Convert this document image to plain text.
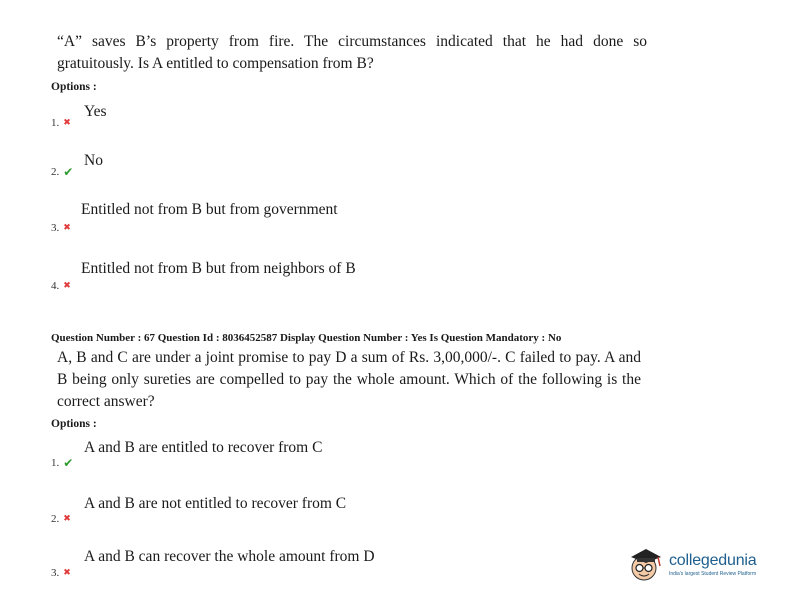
“A” saves B’s property from fire. The circumstances indicated that he had done so gratuitously. Is A entitled to compensation from B?
Options :
Yes
1. ✖
No
2. ✔
Entitled not from B but from government
3. ✖
Entitled not from B but from neighbors of B
4. ✖
Question Number : 67 Question Id : 8036452587 Display Question Number : Yes Is Question Mandatory : No
A, B and C are under a joint promise to pay D a sum of Rs. 3,00,000/-. C failed to pay. A and B being only sureties are compelled to pay the whole amount. Which of the following is the correct answer?
Options :
A and B are entitled to recover from C
1. ✔
A and B are not entitled to recover from C
2. ✖
A and B can recover the whole amount from D
3. ✖
collegedunia
India's largest Student Review Platform
